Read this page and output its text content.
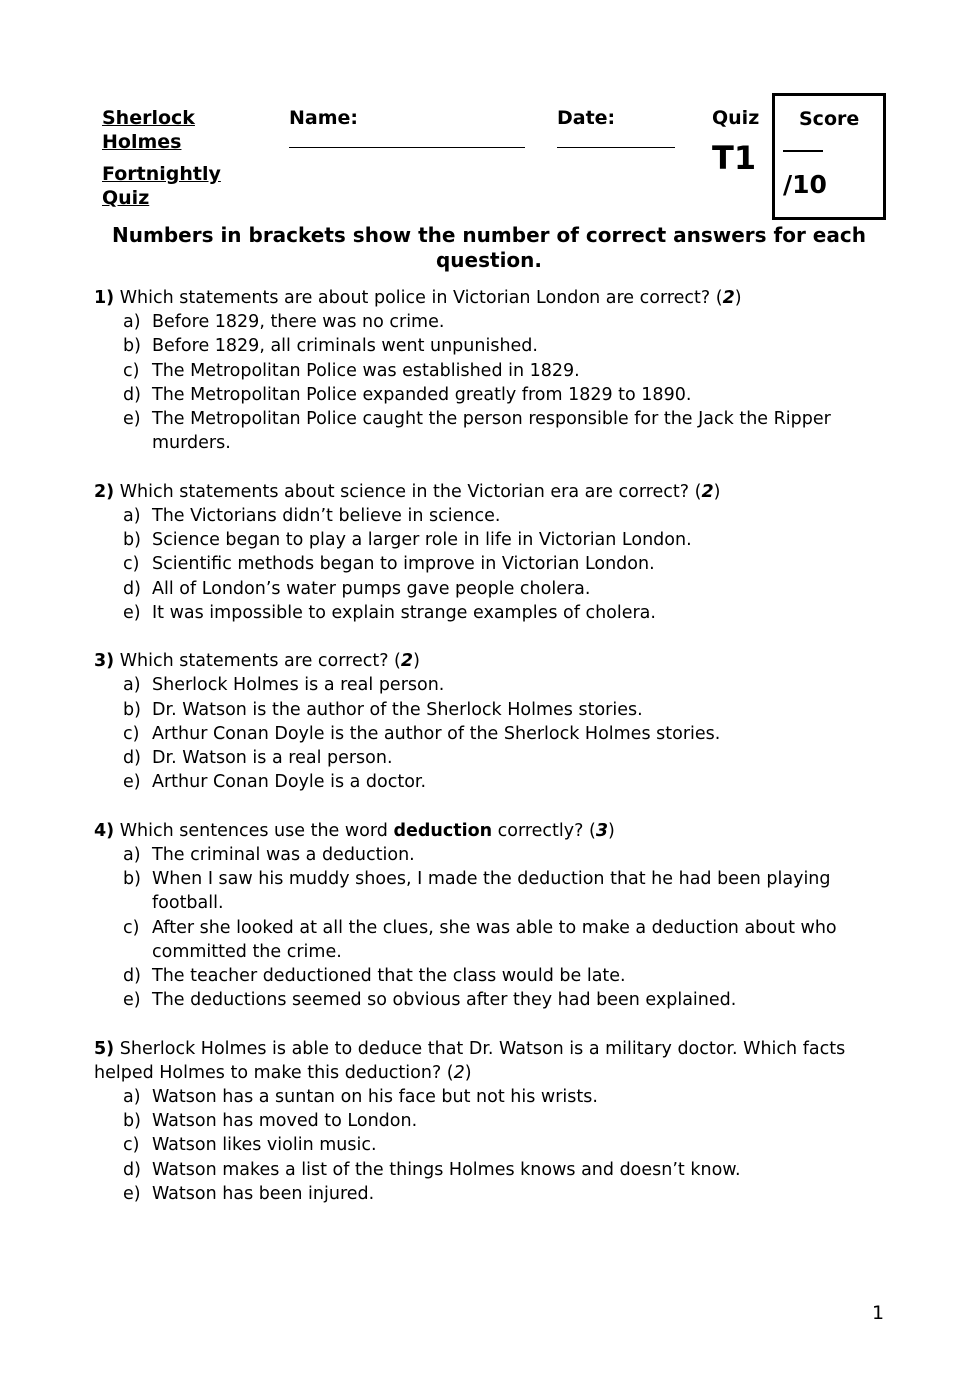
Sherlock Holmes
Fortnightly Quiz
Name:	Date:	Quiz
T1
Score
/10
Numbers in brackets show the number of correct answers for each question.

1) Which statements are about police in Victorian London are correct? (2)

a) Before 1829, there was no crime.
b) Before 1829, all criminals went unpunished.
c) The Metropolitan Police was established in 1829.
d) The Metropolitan Police expanded greatly from 1829 to 1890.
e) The Metropolitan Police caught the person responsible for the Jack the Ripper murders.

2) Which statements about science in the Victorian era are correct? (2)

a) The Victorians didn’t believe in science.
b) Science began to play a larger role in life in Victorian London.
c) Scientific methods began to improve in Victorian London.
d) All of London’s water pumps gave people cholera.
e) It was impossible to explain strange examples of cholera.

3) Which statements are correct? (2)

a) Sherlock Holmes is a real person.
b) Dr. Watson is the author of the Sherlock Holmes stories.
c) Arthur Conan Doyle is the author of the Sherlock Holmes stories.
d) Dr. Watson is a real person.
e) Arthur Conan Doyle is a doctor.

4) Which sentences use the word deduction correctly? (3)

a) The criminal was a deduction.
b) When I saw his muddy shoes, I made the deduction that he had been playing football.
c) After she looked at all the clues, she was able to make a deduction about who committed the crime.
d) The teacher deductioned that the class would be late.
e) The deductions seemed so obvious after they had been explained.

5) Sherlock Holmes is able to deduce that Dr. Watson is a military doctor. Which facts helped Holmes to make this deduction? (2)

a) Watson has a suntan on his face but not his wrists.
b) Watson has moved to London.
c) Watson likes violin music.
d) Watson makes a list of the things Holmes knows and doesn’t know.
e) Watson has been injured.
1
